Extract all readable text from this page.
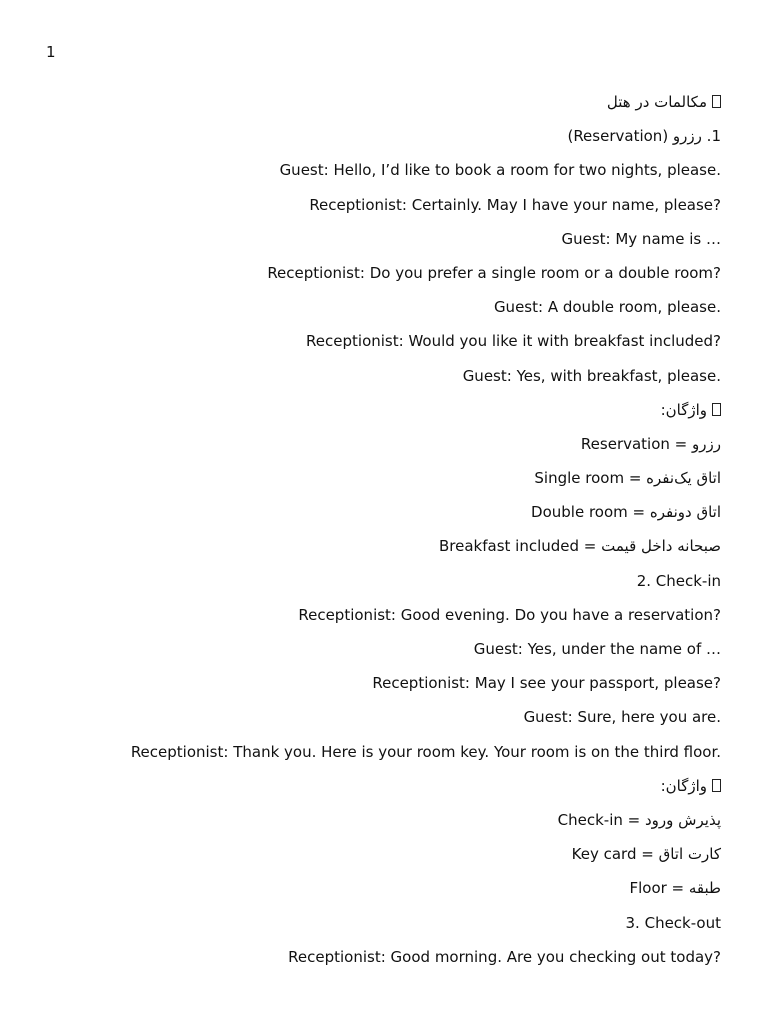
1
مکالمات در هتل
1. رزرو (Reservation)
Guest: Hello, I’d like to book a room for two nights, please.
Receptionist: Certainly. May I have your name, please?
Guest: My name is …
Receptionist: Do you prefer a single room or a double room?
Guest: A double room, please.
Receptionist: Would you like it with breakfast included?
Guest: Yes, with breakfast, please.
واژگان:
Reservation = رزرو
Single room = اتاق یک‌نفره
Double room = اتاق دونفره
Breakfast included = صبحانه داخل قیمت
2. Check-in
Receptionist: Good evening. Do you have a reservation?
Guest: Yes, under the name of …
Receptionist: May I see your passport, please?
Guest: Sure, here you are.
Receptionist: Thank you. Here is your room key. Your room is on the third floor.
واژگان:
Check-in = پذیرش ورود
Key card = کارت اتاق
Floor = طبقه
3. Check-out
Receptionist: Good morning. Are you checking out today?
